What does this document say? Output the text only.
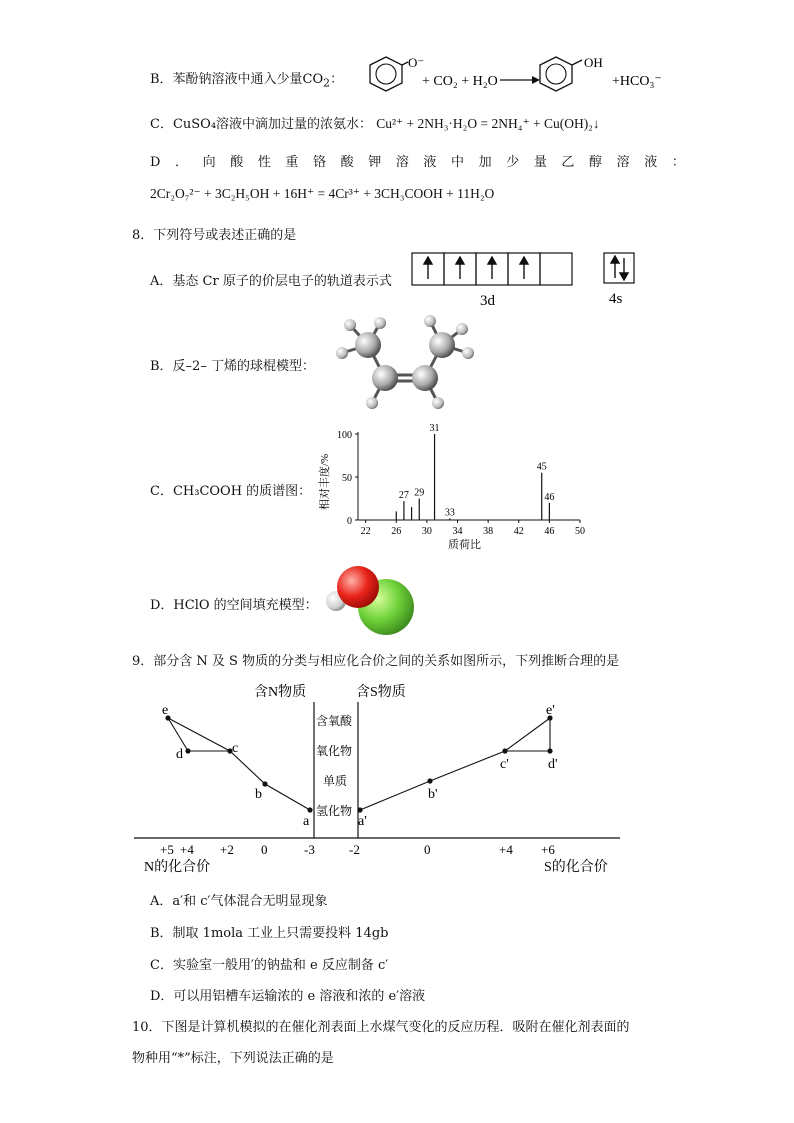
B．苯酚钠溶液中通入少量$CO_2$：
O⁻
+ CO₂ + H₂O
OH
+HCO₃⁻
C．CuSO₄溶液中滴加过量的浓氨水： Cu²⁺ + 2NH₃·H₂O = 2NH₄⁺ + Cu(OH)₂↓
D．向酸性重铬酸钾溶液中加少量乙醇溶液：
2Cr₂O₇²⁻ + 3C₂H₅OH + 16H⁺ = 4Cr³⁺ + 3CH₃COOH + 11H₂O
8．下列符号或表述正确的是
A．基态 Cr 原子的价层电子的轨道表示式
3d	4s
B．反–2– 丁烯的球棍模型：
C．CH₃COOH 的质谱图：
0
50
100
22 26 30 34 38 42 46 50
27 29
31
33
45
46
相对丰度/%
质荷比
D．HClO 的空间填充模型：
9．部分含 N 及 S 物质的分类与相应化合价之间的关系如图所示，下列推断合理的是
含N物质	含S物质
含氧酸
氧化物
单质
氢化物
e
d	c
b
a
e'
d'
c'
b'
a'
+5 +4 +2 0	-3	-2	0	+4 +6
N的化合价	S的化合价
A．a′和 c′气体混合无明显现象
B．制取 1mola 工业上只需要投料 14gb
C．实验室一般用′的钠盐和 e 反应制备 c′
D．可以用铝槽车运输浓的 e 溶液和浓的 e′溶液
10．下图是计算机模拟的在催化剂表面上水煤气变化的反应历程．吸附在催化剂表面的
物种用“*”标注，下列说法正确的是
